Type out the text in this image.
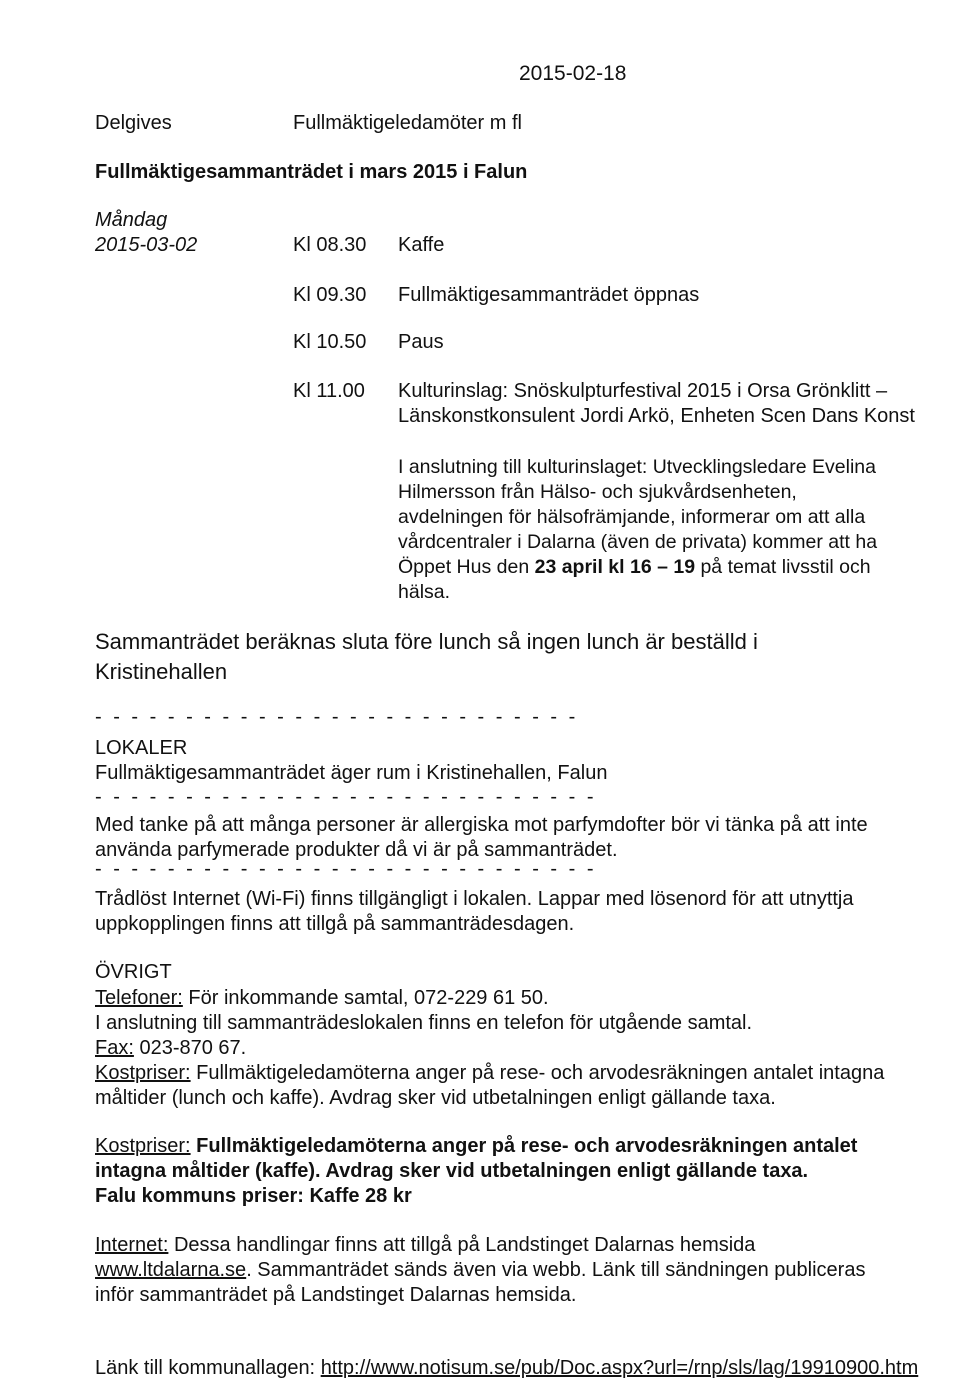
2015-02-18
Delgives	Fullmäktigeledamöter m fl
Fullmäktigesammanträdet i mars 2015 i Falun
Måndag
2015-03-02	Kl 08.30 Kaffe
Kl 09.30 Fullmäktigesammanträdet öppnas
Kl 10.50 Paus
Kl 11.00 Kulturinslag: Snöskulpturfestival 2015 i Orsa Grönklitt –
Länskonstkonsulent Jordi Arkö, Enheten Scen Dans Konst
I anslutning till kulturinslaget: Utvecklingsledare Evelina
Hilmersson från Hälso- och sjukvårdsenheten,
avdelningen för hälsofrämjande, informerar om att alla
vårdcentraler i Dalarna (även de privata) kommer att ha
Öppet Hus den 23 april kl 16 – 19 på temat livsstil och
hälsa.
Sammanträdet beräknas sluta före lunch så ingen lunch är beställd i
Kristinehallen
- - - - - - - - - - - - - - - - - - - - - - - - - - -
LOKALER
Fullmäktigesammanträdet äger rum i Kristinehallen, Falun
- - - - - - - - - - - - - - - - - - - - - - - - - - - -
Med tanke på att många personer är allergiska mot parfymdofter bör vi tänka på att inte
använda parfymerade produkter då vi är på sammanträdet.
- - - - - - - - - - - - - - - - - - - - - - - - - - - -
Trådlöst Internet (Wi-Fi) finns tillgängligt i lokalen. Lappar med lösenord för att utnyttja
uppkopplingen finns att tillgå på sammanträdesdagen.
ÖVRIGT
Telefoner: För inkommande samtal, 072-229 61 50.
I anslutning till sammanträdeslokalen finns en telefon för utgående samtal.
Fax: 023-870 67.
Kostpriser: Fullmäktigeledamöterna anger på rese- och arvodesräkningen antalet intagna
måltider (lunch och kaffe). Avdrag sker vid utbetalningen enligt gällande taxa.
Kostpriser: Fullmäktigeledamöterna anger på rese- och arvodesräkningen antalet
intagna måltider (kaffe). Avdrag sker vid utbetalningen enligt gällande taxa.
Falu kommuns priser: Kaffe 28 kr
Internet: Dessa handlingar finns att tillgå på Landstinget Dalarnas hemsida
www.ltdalarna.se. Sammanträdet sänds även via webb. Länk till sändningen publiceras
inför sammanträdet på Landstinget Dalarnas hemsida.
Länk till kommunallagen: http://www.notisum.se/pub/Doc.aspx?url=/rnp/sls/lag/19910900.htm
